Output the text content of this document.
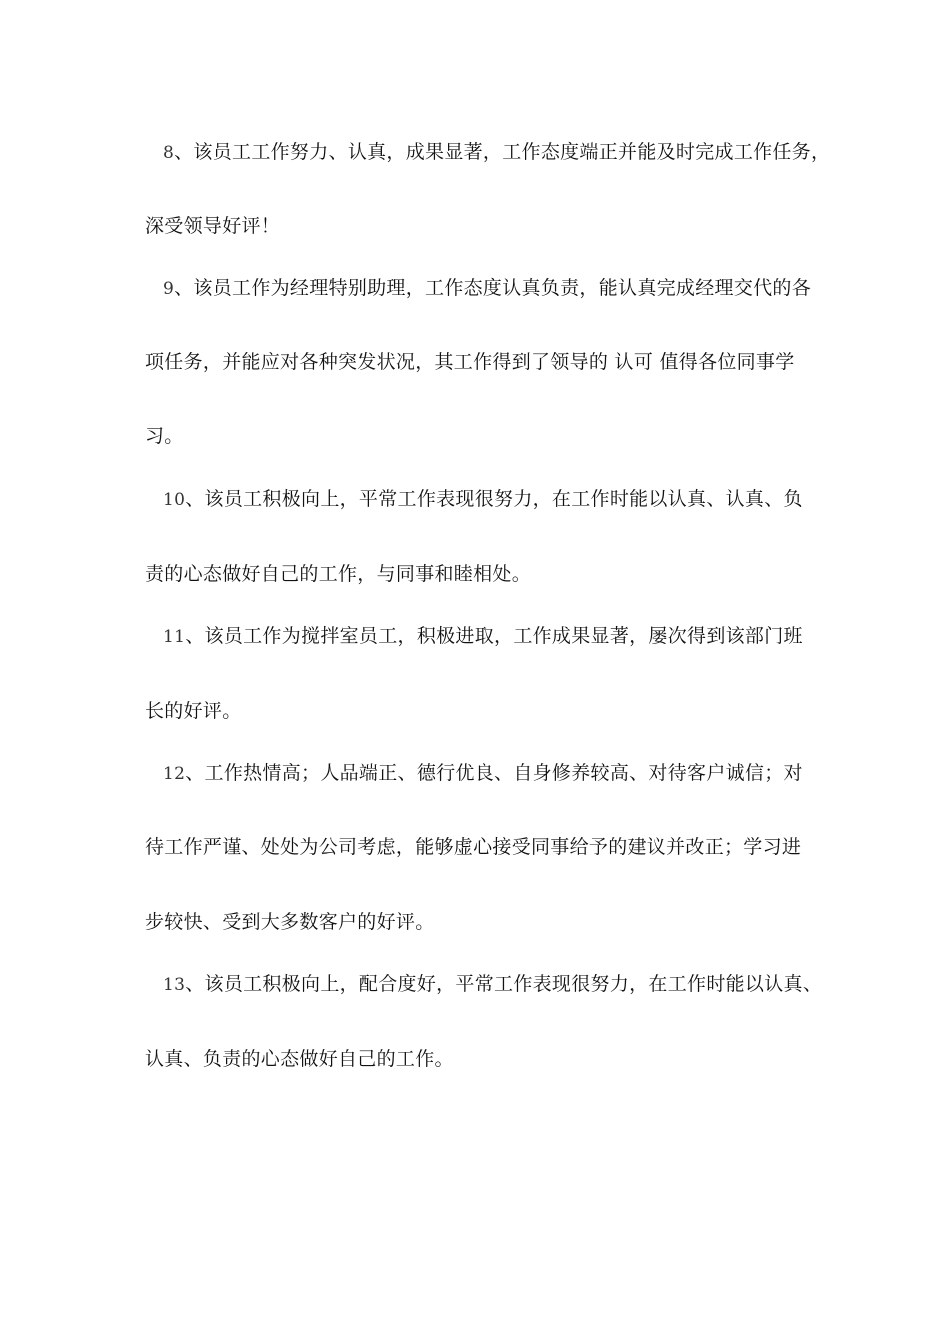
8、该员工工作努力、认真，成果显著，工作态度端正并能及时完成工作任务，
深受领导好评！
9、该员工作为经理特别助理，工作态度认真负责，能认真完成经理交代的各
项任务，并能应对各种突发状况，其工作得到了领导的 认可 值得各位同事学
习。
10、该员工积极向上，平常工作表现很努力，在工作时能以认真、认真、负
责的心态做好自己的工作，与同事和睦相处。
11、该员工作为搅拌室员工，积极进取，工作成果显著，屡次得到该部门班
长的好评。
12、工作热情高；人品端正、德行优良、自身修养较高、对待客户诚信；对
待工作严谨、处处为公司考虑，能够虚心接受同事给予的建议并改正；学习进
步较快、受到大多数客户的好评。
13、该员工积极向上，配合度好，平常工作表现很努力，在工作时能以认真、
认真、负责的心态做好自己的工作。
